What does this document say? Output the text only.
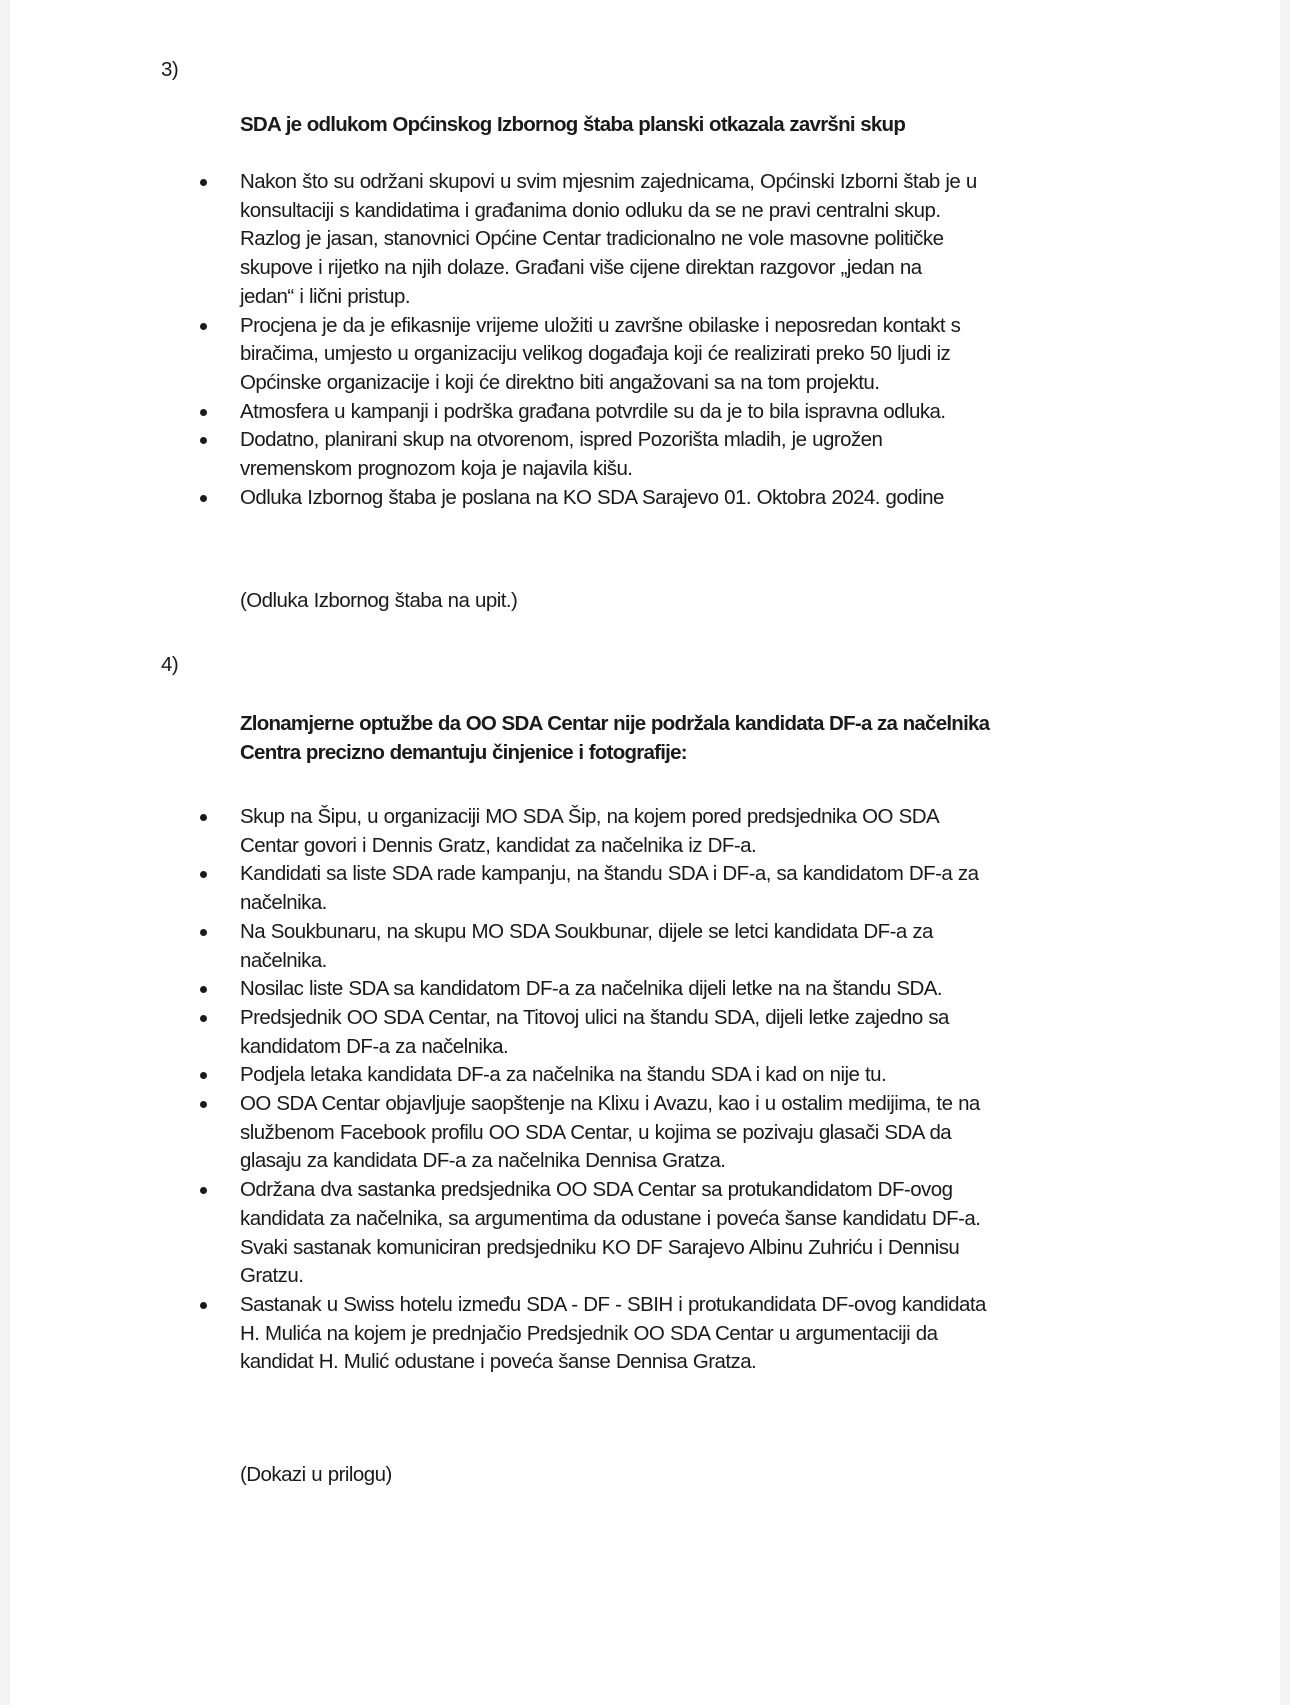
3)
SDA je odlukom Općinskog Izbornog štaba planski otkazala završni skup
Nakon što su održani skupovi u svim mjesnim zajednicama, Općinski Izborni štab je u
konsultaciji s kandidatima i građanima donio odluku da se ne pravi centralni skup.
Razlog je jasan, stanovnici Općine Centar tradicionalno ne vole masovne političke
skupove i rijetko na njih dolaze. Građani više cijene direktan razgovor „jedan na
jedan“ i lični pristup.
Procjena je da je efikasnije vrijeme uložiti u završne obilaske i neposredan kontakt s
biračima, umjesto u organizaciju velikog događaja koji će realizirati preko 50 ljudi iz
Općinske organizacije i koji će direktno biti angažovani sa na tom projektu.
Atmosfera u kampanji i podrška građana potvrdile su da je to bila ispravna odluka.
Dodatno, planirani skup na otvorenom, ispred Pozorišta mladih, je ugrožen
vremenskom prognozom koja je najavila kišu.
Odluka Izbornog štaba je poslana na KO SDA Sarajevo 01. Oktobra 2024. godine
(Odluka Izbornog štaba na upit.)
4)
Zlonamjerne optužbe da OO SDA Centar nije podržala kandidata DF-a za načelnika
Centra precizno demantuju činjenice i fotografije:
Skup na Šipu, u organizaciji MO SDA Šip, na kojem pored predsjednika OO SDA
Centar govori i Dennis Gratz, kandidat za načelnika iz DF-a.
Kandidati sa liste SDA rade kampanju, na štandu SDA i DF-a, sa kandidatom DF-a za
načelnika.
Na Soukbunaru, na skupu MO SDA Soukbunar, dijele se letci kandidata DF-a za
načelnika.
Nosilac liste SDA sa kandidatom DF-a za načelnika dijeli letke na na štandu SDA.
Predsjednik OO SDA Centar, na Titovoj ulici na štandu SDA, dijeli letke zajedno sa
kandidatom DF-a za načelnika.
Podjela letaka kandidata DF-a za načelnika na štandu SDA i kad on nije tu.
OO SDA Centar objavljuje saopštenje na Klixu i Avazu, kao i u ostalim medijima, te na
službenom Facebook profilu OO SDA Centar, u kojima se pozivaju glasači SDA da
glasaju za kandidata DF-a za načelnika Dennisa Gratza.
Održana dva sastanka predsjednika OO SDA Centar sa protukandidatom DF-ovog
kandidata za načelnika, sa argumentima da odustane i poveća šanse kandidatu DF-a.
Svaki sastanak komuniciran predsjedniku KO DF Sarajevo Albinu Zuhriću i Dennisu
Gratzu.
Sastanak u Swiss hotelu između SDA - DF - SBIH i protukandidata DF-ovog kandidata
H. Mulića na kojem je prednjačio Predsjednik OO SDA Centar u argumentaciji da
kandidat H. Mulić odustane i poveća šanse Dennisa Gratza.
(Dokazi u prilogu)
